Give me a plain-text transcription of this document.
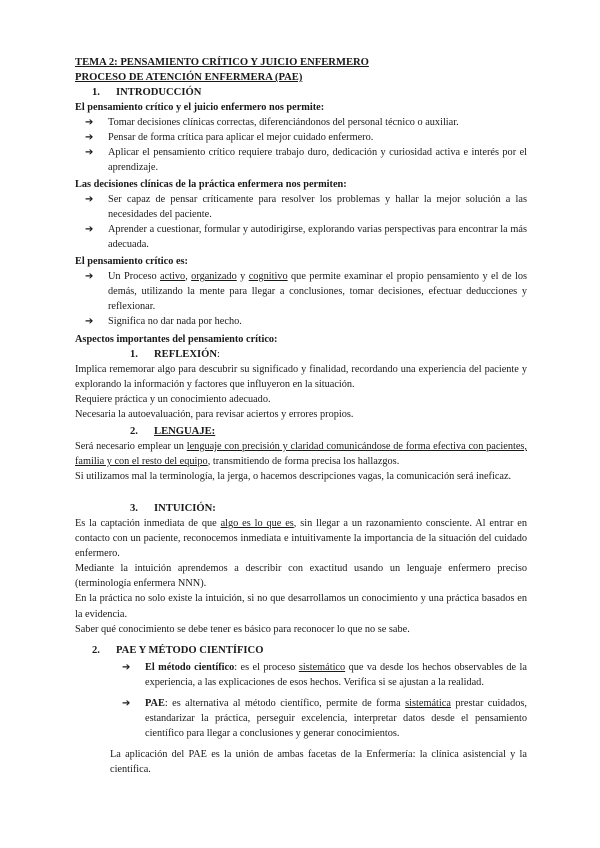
TEMA 2: PENSAMIENTO CRÍTICO Y JUICIO ENFERMERO
PROCESO DE ATENCIÓN ENFERMERA (PAE)
1. INTRODUCCIÓN
El pensamiento crítico y el juicio enfermero nos permite:
➔ Tomar decisiones clínicas correctas, diferenciándonos del personal técnico o auxiliar.
➔ Pensar de forma crítica para aplicar el mejor cuidado enfermero.
➔ Aplicar el pensamiento crítico requiere trabajo duro, dedicación y curiosidad activa e interés por el aprendizaje.
Las decisiones clínicas de la práctica enfermera nos permiten:
➔ Ser capaz de pensar críticamente para resolver los problemas y hallar la mejor solución a las necesidades del paciente.
➔ Aprender a cuestionar, formular y autodirigirse, explorando varias perspectivas para encontrar la más adecuada.
El pensamiento crítico es:
➔ Un Proceso activo, organizado y cognitivo que permite examinar el propio pensamiento y el de los demás, utilizando la mente para llegar a conclusiones, tomar decisiones, efectuar deducciones y reflexionar.
➔ Significa no dar nada por hecho.
Aspectos importantes del pensamiento crítico:
1. REFLEXIÓN:
Implica rememorar algo para descubrir su significado y finalidad, recordando una experiencia del paciente y explorando la información y factores que influyeron en la situación.
Requiere práctica y un conocimiento adecuado.
Necesaria la autoevaluación, para revisar aciertos y errores propios.
2. LENGUAJE:
Será necesario emplear un lenguaje con precisión y claridad comunicándose de forma efectiva con pacientes, familia y con el resto del equipo, transmitiendo de forma precisa los hallazgos.
Si utilizamos mal la terminología, la jerga, o hacemos descripciones vagas, la comunicación será ineficaz.
3. INTUICIÓN:
Es la captación inmediata de que algo es lo que es, sin llegar a un razonamiento consciente. Al entrar en contacto con un paciente, reconocemos inmediata e intuitivamente la importancia de la situación del cuidado enfermero.
Mediante la intuición aprendemos a describir con exactitud usando un lenguaje enfermero preciso (terminología enfermera NNN).
En la práctica no solo existe la intuición, si no que desarrollamos un conocimiento y una práctica basados en la evidencia.
Saber qué conocimiento se debe tener es básico para reconocer lo que no se sabe.
2. PAE Y MÉTODO CIENTÍFICO
➔ El método científico: es el proceso sistemático que va desde los hechos observables de la experiencia, a las explicaciones de esos hechos. Verifica si se ajustan a la realidad.
➔ PAE: es alternativa al método científico, permite de forma sistemática prestar cuidados, estandarizar la práctica, perseguir excelencia, interpretar datos desde el pensamiento científico para llegar a conclusiones y generar conocimientos.
La aplicación del PAE es la unión de ambas facetas de la Enfermería: la clínica asistencial y la científica.
